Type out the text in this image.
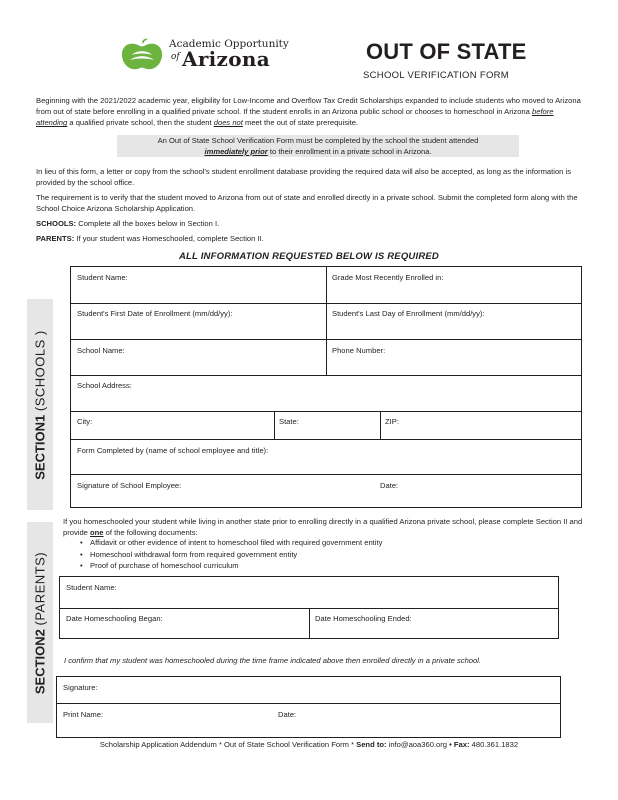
Academic Opportunity
of Arizona	OUT OF STATE
SCHOOL VERIFICATION FORM
Beginning with the 2021/2022 academic year, eligibility for Low-Income and Overflow Tax Credit Scholarships expanded to include students who moved to Arizona from out of state before enrolling in a qualified private school. If the student enrolls in an Arizona public school or chooses to homeschool in Arizona before attending a qualified private school, then the student does not meet the out of state prerequisite.
An Out of State School Verification Form must be completed by the school the student attended
immediately prior to their enrollment in a private school in Arizona.
In lieu of this form, a letter or copy from the school's student enrollment database providing the required data will also be accepted, as long as the information is provided by the school office.
The requirement is to verify that the student moved to Arizona from out of state and enrolled directly in a private school. Submit the completed form along with the School Choice Arizona Scholarship Application.
SCHOOLS: Complete all the boxes below in Section I.
PARENTS: If your student was Homeschooled, complete Section II.
ALL INFORMATION REQUESTED BELOW IS REQUIRED
SECTION1 (SCHOOLS )
Student Name:	Grade Most Recently Enrolled in:
Student's First Date of Enrollment (mm/dd/yy):	Student's Last Day of Enrollment (mm/dd/yy):
School Name:	Phone Number:
School Address:
City:	State:	ZIP:
Form Completed by (name of school employee and title):
Signature of School Employee:	Date:
SECTION2 (PARENTS)
If you homeschooled your student while living in another state prior to enrolling directly in a qualified Arizona private school, please complete Section II and provide one of the following documents:
• Affidavit or other evidence of intent to homeschool filed with required government entity
• Homeschool withdrawal form from required government entity
• Proof of purchase of homeschool curriculum
Student Name:
Date Homeschooling Began:	Date Homeschooling Ended:
I confirm that my student was homeschooled during the time frame indicated above then enrolled directly in a private school.
Signature:
Print Name:	Date:
Scholarship Application Addendum * Out of State School Verification Form * Send to: info@aoa360.org • Fax: 480.361.1832
